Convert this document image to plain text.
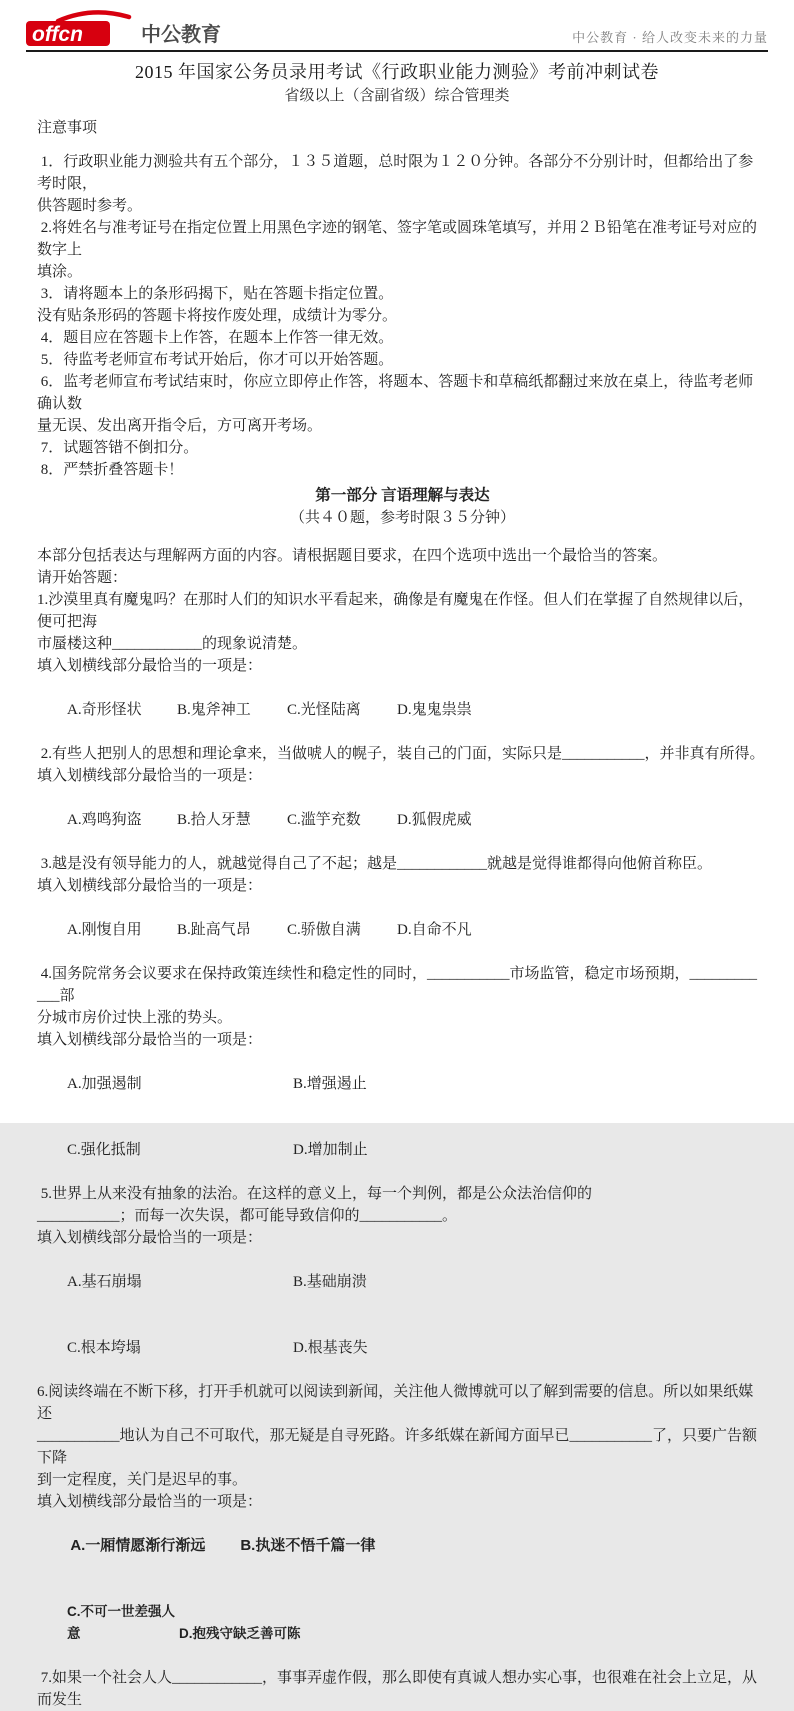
offcn	中公教育	中公教育 · 给人改变未来的力量
2015 年国家公务员录用考试《行政职业能力测验》考前冲刺试卷

省级以上（含副省级）综合管理类

注意事项

1．行政职业能力测验共有五个部分，１３５道题，总时限为１２０分钟。各部分不分别计时，但都给出了参考时限，

供答题时参考。

2.将姓名与准考证号在指定位置上用黑色字迹的钢笔、签字笔或圆珠笔填写，并用２Ｂ铅笔在准考证号对应的数字上

填涂。

3．请将题本上的条形码揭下，贴在答题卡指定位置。

没有贴条形码的答题卡将按作废处理，成绩计为零分。

4．题目应在答题卡上作答，在题本上作答一律无效。

5．待监考老师宣布考试开始后，你才可以开始答题。

6．监考老师宣布考试结束时，你应立即停止作答，将题本、答题卡和草稿纸都翻过来放在桌上，待监考老师确认数

量无误、发出离开指令后，方可离开考场。

7．试题答错不倒扣分。

8．严禁折叠答题卡！

第一部分 言语理解与表达

（共４０题，参考时限３５分钟）

本部分包括表达与理解两方面的内容。请根据题目要求，在四个选项中选出一个最恰当的答案。

请开始答题：

1.沙漠里真有魔鬼吗？在那时人们的知识水平看起来，确像是有魔鬼在作怪。但人们在掌握了自然规律以后，便可把海

市蜃楼这种____________的现象说清楚。

填入划横线部分最恰当的一项是：

A.奇形怪状 B.鬼斧神工 C.光怪陆离 D.鬼鬼祟祟

2.有些人把别人的思想和理论拿来，当做唬人的幌子，装自己的门面，实际只是___________，并非真有所得。

填入划横线部分最恰当的一项是：

A.鸡鸣狗盗 B.拾人牙慧 C.滥竽充数 D.狐假虎威

3.越是没有领导能力的人，就越觉得自己了不起；越是____________就越是觉得谁都得向他俯首称臣。

填入划横线部分最恰当的一项是：

A.刚愎自用 B.趾高气昂 C.骄傲自满 D.自命不凡

4.国务院常务会议要求在保持政策连续性和稳定性的同时，___________市场监管，稳定市场预期，_________ ___部

分城市房价过快上涨的势头。

填入划横线部分最恰当的一项是：

A.加强遏制	B.增强遏止

C.强化抵制	D.增加制止

5.世界上从来没有抽象的法治。在这样的意义上，每一个判例，都是公众法治信仰的

___________；而每一次失误，都可能导致信仰的___________。

填入划横线部分最恰当的一项是：

A.基石崩塌	B.基础崩溃

C.根本垮塌	D.根基丧失

6.阅读终端在不断下移，打开手机就可以阅读到新闻，关注他人微博就可以了解到需要的信息。所以如果纸媒还

___________地认为自己不可取代，那无疑是自寻死路。许多纸媒在新闻方面早已___________了，只要广告额下降

到一定程度，关门是迟早的事。

填入划横线部分最恰当的一项是：

A.一厢情愿渐行渐远 B.执迷不悟千篇一律

C.不可一世差强人意	D.抱残守缺乏善可陈

7.如果一个社会人人____________，事事弄虚作假，那么即使有真诚人想办实心事，也很难在社会上立足，从而发生
